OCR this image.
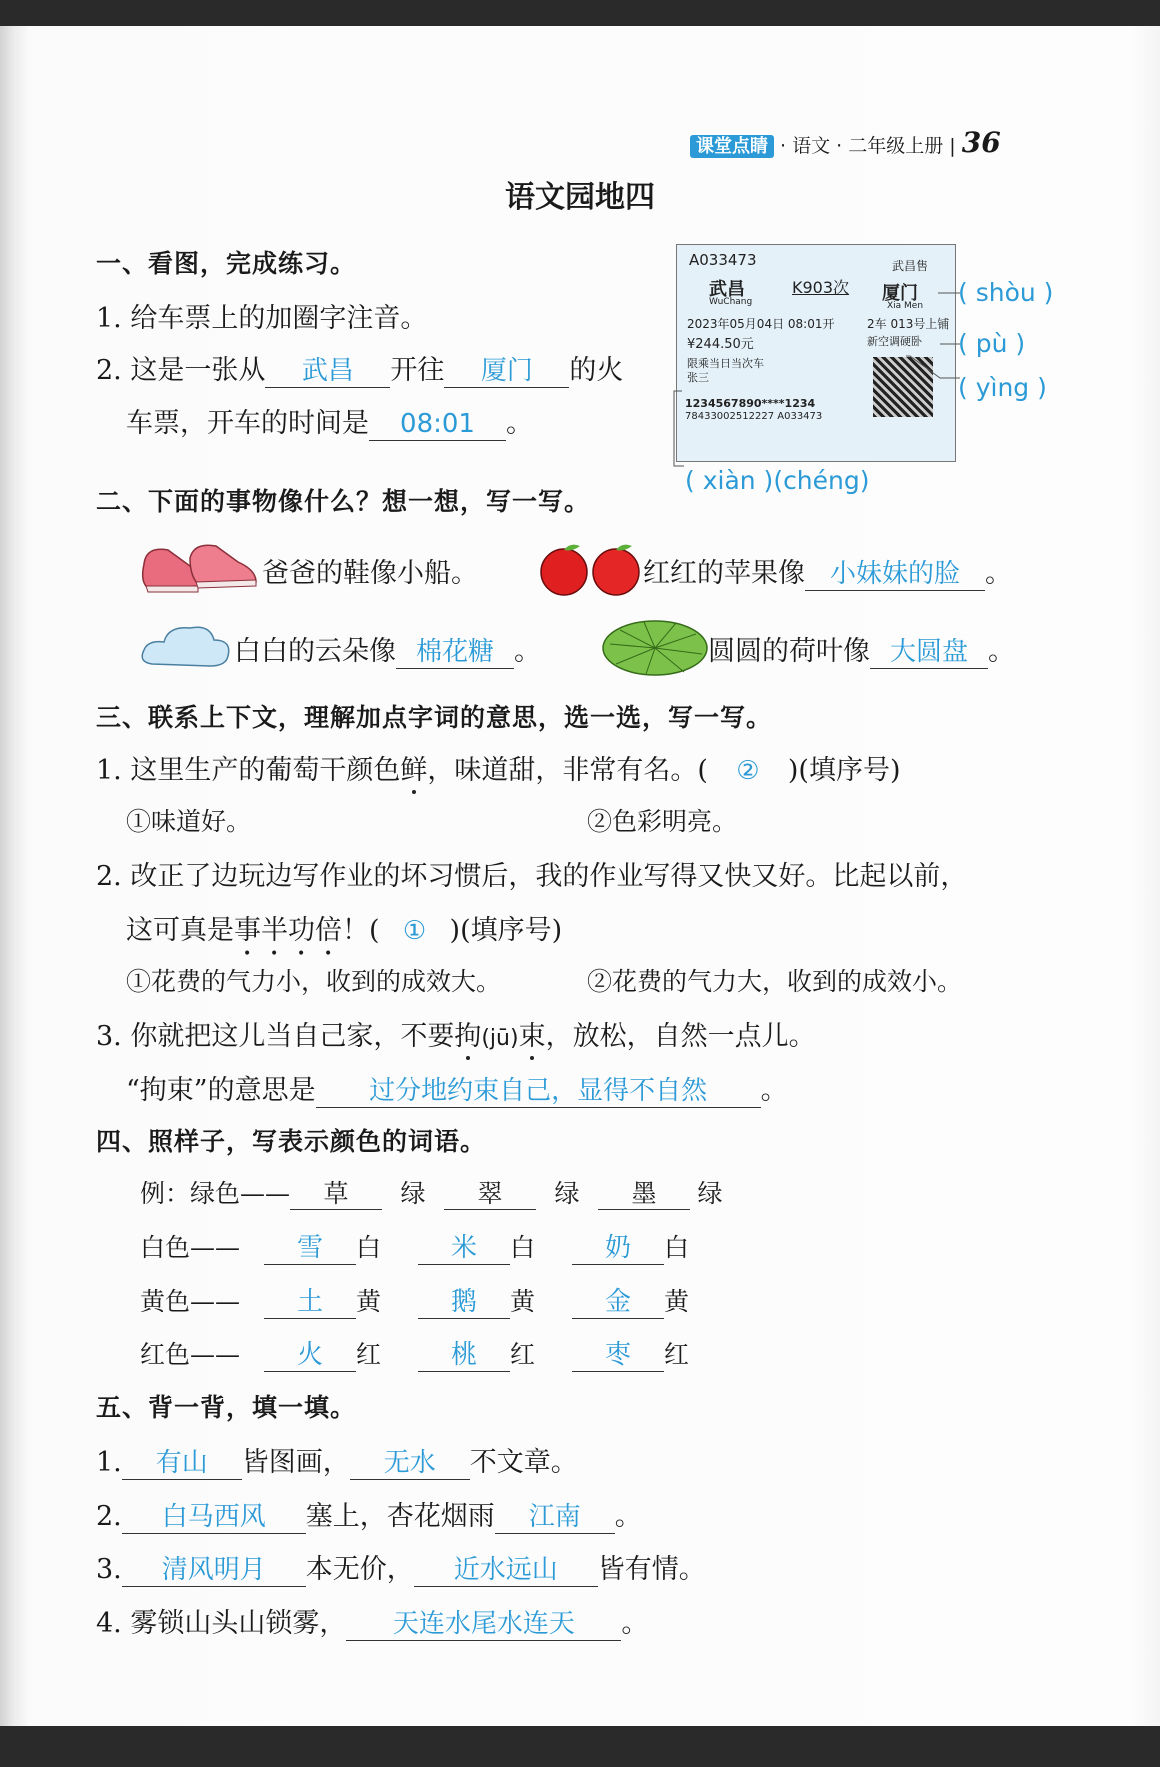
课堂点睛 · 语文 · 二年级上册 | 36
语文园地四
一、看图，完成练习。
1. 给车票上的加圈字注音。
2. 这是一张从 武昌 开往 厦门 的火
车票，开车的时间是 08:01 。
A033473	武昌售
武昌
WuChang
K903次 厦门
Xia Men
2023年05月04日 08:01开	2车 013号上铺
¥244.50元	新空调硬卧
限乘当日当次车
张三
1234567890****1234
78433002512227 A033473
( shòu )
( pù )
( yìng )
( xiàn )(chéng)
二、下面的事物像什么？想一想，写一写。
爸爸的鞋像小船。	红红的苹果像 小妹妹的脸 。
白白的云朵像 棉花糖 。	圆圆的荷叶像 大圆盘 。
三、联系上下文，理解加点字词的意思，选一选，写一写。
1. 这里生产的葡萄干颜色鲜，味道甜，非常有名。( ② )(填序号)
①味道好。	②色彩明亮。
2. 改正了边玩边写作业的坏习惯后，我的作业写得又快又好。比起以前，
这可真是事半功倍！( ① )(填序号)
①花费的气力小，收到的成效大。	②花费的气力大，收到的成效小。
3. 你就把这儿当自己家，不要拘(jū)束，放松，自然一点儿。
“拘束”的意思是 过分地约束自己，显得不自然 。
四、照样子，写表示颜色的词语。
例：绿色—— 草 绿 翠 绿 墨 绿
白色—— 雪 白	米 白	奶 白
黄色—— 土 黄	鹅 黄	金 黄
红色—— 火 红	桃 红	枣 红
五、背一背，填一填。
1. 有山 皆图画， 无水 不文章。
2. 白马西风 塞上，杏花烟雨 江南 。
3. 清风明月 本无价， 近水远山 皆有情。
4. 雾锁山头山锁雾， 天连水尾水连天 。
